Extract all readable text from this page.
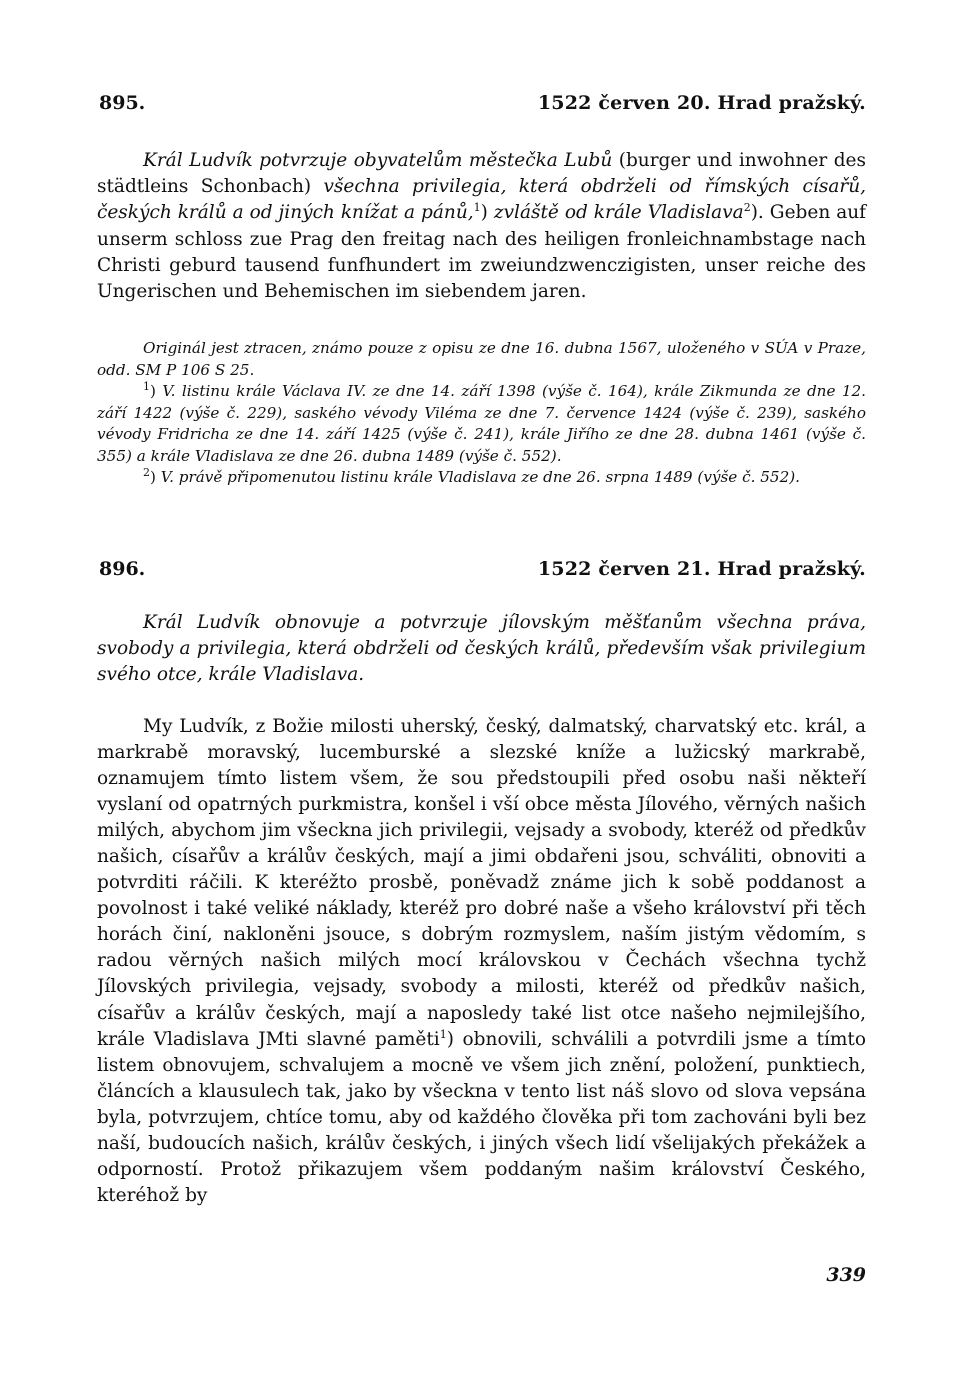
895.	1522 červen 20. Hrad pražský.

Král Ludvík potvrzuje obyvatelům městečka Lubů (burger und inwohner des städtleins Schonbach) všechna privilegia, která obdrželi od římských císařů, českých králů a od jiných knížat a pánů,$^1$) zvláště od krále Vladislava$^2$). Geben auf unserm schloss zue Prag den freitag nach des heiligen fronleichnambstage nach Christi geburd tausend funfhundert im zweiundzwenczigisten, unser reiche des Ungerischen und Behemischen im siebendem jaren.

Originál jest ztracen, známo pouze z opisu ze dne 16. dubna 1567, uloženého v SÚA v Praze, odd. SM P 106 S 25.

$^1$) V. listinu krále Václava IV. ze dne 14. září 1398 (výše č. 164), krále Zikmunda ze dne 12. září 1422 (výše č. 229), saského vévody Viléma ze dne 7. července 1424 (výše č. 239), saského vévody Fridricha ze dne 14. září 1425 (výše č. 241), krále Jiřího ze dne 28. dubna 1461 (výše č. 355) a krále Vladislava ze dne 26. dubna 1489 (výše č. 552).

$^2$) V. právě připomenutou listinu krále Vladislava ze dne 26. srpna 1489 (výše č. 552).

896.	1522 červen 21. Hrad pražský.

Král Ludvík obnovuje a potvrzuje jílovským měšťanům všechna práva, svobody a privilegia, která obdrželi od českých králů, především však privilegium svého otce, krále Vladislava.

My Ludvík, z Božie milosti uherský, český, dalmatský, charvatský etc. král, a markrabě moravský, lucemburské a slezské kníže a lužicský markrabě, oznamujem tímto listem všem, že sou předstoupili před osobu naši někteří vyslaní od opatrných purkmistra, konšel i vší obce města Jílového, věrných našich milých, abychom jim všeckna jich privilegii, vejsady a svobody, kteréž od předkův našich, císařův a králův českých, mají a jimi obdařeni jsou, schváliti, obnoviti a potvrditi ráčili. K kteréžto prosbě, poněvadž známe jich k sobě poddanost a povolnost i také veliké náklady, kteréž pro dobré naše a všeho království při těch horách činí, nakloněni jsouce, s dobrým rozmyslem, naším jistým vědomím, s radou věrných našich milých mocí královskou v Čechách všechna tychž Jílovských privilegia, vejsady, svobody a milosti, kteréž od předkův našich, císařův a králův českých, mají a naposledy také list otce našeho nejmilejšího, krále Vladislava JMti slavné paměti$^1$) obnovili, schválili a potvrdili jsme a tímto listem obnovujem, schvalujem a mocně ve všem jich znění, položení, punktiech, článcích a klausulech tak, jako by všeckna v tento list náš slovo od slova vepsána byla, potvrzujem, chtíce tomu, aby od každého člověka při tom zachováni byli bez naší, budoucích našich, králův českých, i jiných všech lidí všelijakých překážek a odporností. Protož přikazujem všem poddaným našim království Českého, kteréhož by

339
